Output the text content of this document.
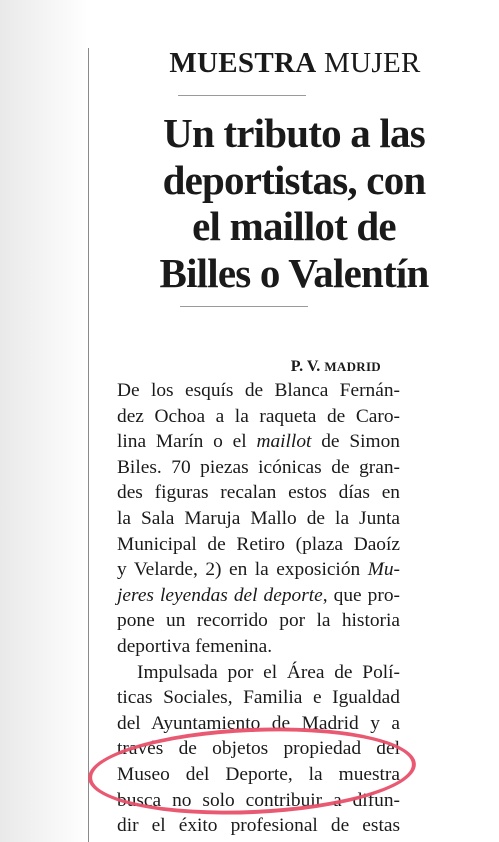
MUESTRA MUJER
Un tributo a las
deportistas, con
el maillot de
Billes o Valentín
P. V. MADRID
De los esquís de Blanca Fernán-
dez Ochoa a la raqueta de Caro-
lina Marín o el maillot de Simon
Biles. 70 piezas icónicas de gran-
des figuras recalan estos días en
la Sala Maruja Mallo de la Junta
Municipal de Retiro (plaza Daoíz
y Velarde, 2) en la exposición Mu-
jeres leyendas del deporte, que pro-
pone un recorrido por la historia
deportiva femenina.
Impulsada por el Área de Polí-
ticas Sociales, Familia e Igualdad
del Ayuntamiento de Madrid y a
través de objetos propiedad del
Museo del Deporte, la muestra
busca no solo contribuir a difun-
dir el éxito profesional de estas
